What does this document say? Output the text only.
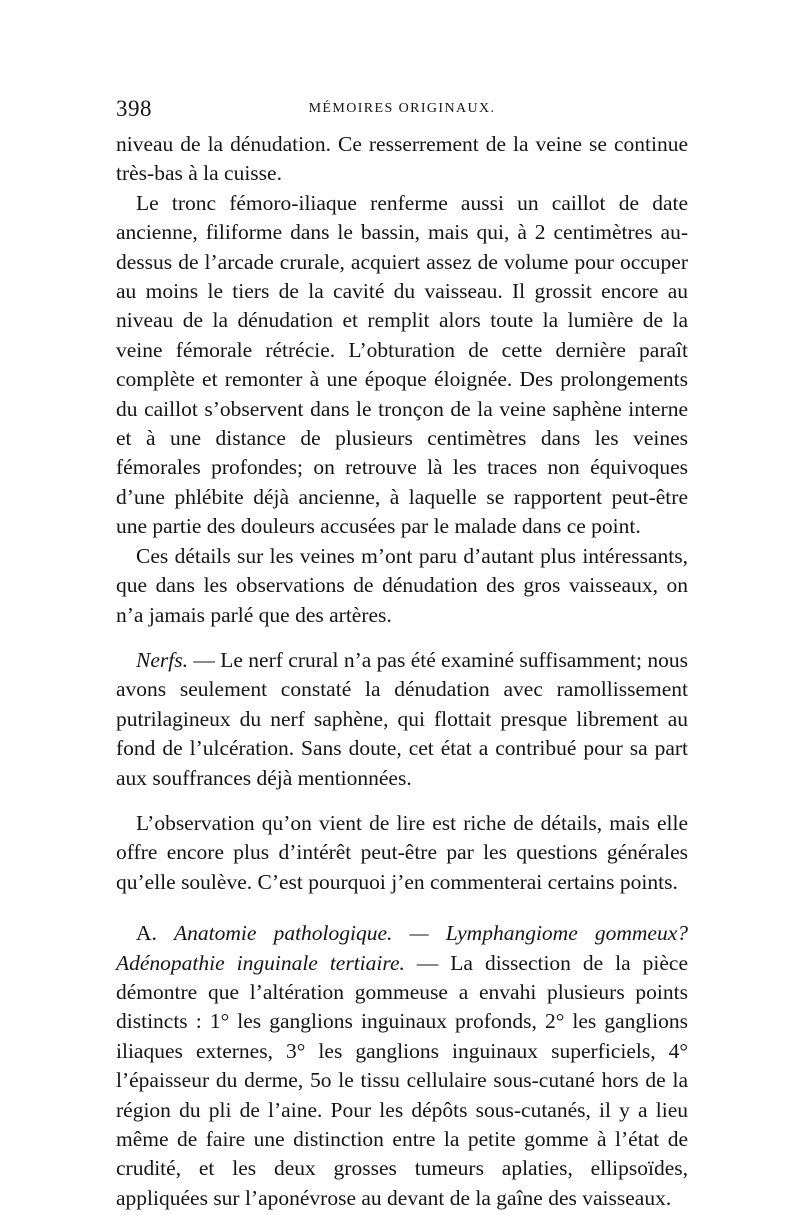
398	MÉMOIRES ORIGINAUX.

niveau de la dénudation. Ce resserrement de la veine se continue très-bas à la cuisse.

Le tronc fémoro-iliaque renferme aussi un caillot de date ancienne, filiforme dans le bassin, mais qui, à 2 centimètres au-dessus de l’arcade crurale, acquiert assez de volume pour occuper au moins le tiers de la cavité du vaisseau. Il grossit encore au niveau de la dénudation et remplit alors toute la lumière de la veine fémorale rétrécie. L’obturation de cette dernière paraît complète et remonter à une époque éloignée. Des prolongements du caillot s’observent dans le tronçon de la veine saphène interne et à une distance de plusieurs centimètres dans les veines fémorales profondes; on retrouve là les traces non équivoques d’une phlébite déjà ancienne, à laquelle se rapportent peut-être une partie des douleurs accusées par le malade dans ce point.

Ces détails sur les veines m’ont paru d’autant plus intéressants, que dans les observations de dénudation des gros vaisseaux, on n’a jamais parlé que des artères.

Nerfs. — Le nerf crural n’a pas été examiné suffisamment; nous avons seulement constaté la dénudation avec ramollissement putrilagineux du nerf saphène, qui flottait presque librement au fond de l’ulcération. Sans doute, cet état a contribué pour sa part aux souffrances déjà mentionnées.

L’observation qu’on vient de lire est riche de détails, mais elle offre encore plus d’intérêt peut-être par les questions générales qu’elle soulève. C’est pourquoi j’en commenterai certains points.

A. Anatomie pathologique. — Lymphangiome gommeux? Adénopathie inguinale tertiaire. — La dissection de la pièce démontre que l’altération gommeuse a envahi plusieurs points distincts : 1° les ganglions inguinaux profonds, 2° les ganglions iliaques externes, 3° les ganglions inguinaux superficiels, 4° l’épaisseur du derme, 5o le tissu cellulaire sous-cutané hors de la région du pli de l’aine. Pour les dépôts sous-cutanés, il y a lieu même de faire une distinction entre la petite gomme à l’état de crudité, et les deux grosses tumeurs aplaties, ellipsoïdes, appliquées sur l’aponévrose au devant de la gaîne des vaisseaux.
